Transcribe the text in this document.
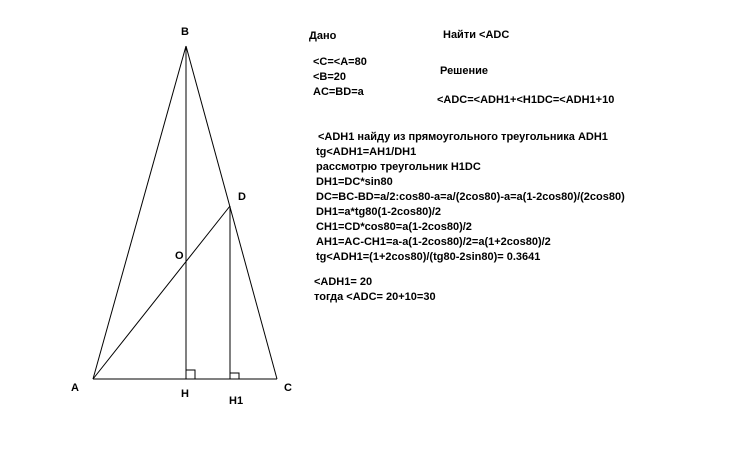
B
D
O
A	H
H1
C
Дано
<C=<A=80
<B=20
AC=BD=a
Найти <ADC
Решение
<ADC=<ADH1+<H1DC=<ADH1+10
<ADH1 найду из прямоугольного треугольника ADH1
tg<ADH1=AH1/DH1
рассмотрю треугольник H1DC
DH1=DC*sin80
DC=BC-BD=a/2:cos80-a=a/(2cos80)-a=a(1-2cos80)/(2cos80)
DH1=a*tg80(1-2cos80)/2
CH1=CD*cos80=a(1-2cos80)/2
AH1=AC-CH1=a-a(1-2cos80)/2=a(1+2cos80)/2
tg<ADH1=(1+2cos80)/(tg80-2sin80)= 0.3641
<ADH1= 20
тогда <ADC= 20+10=30
